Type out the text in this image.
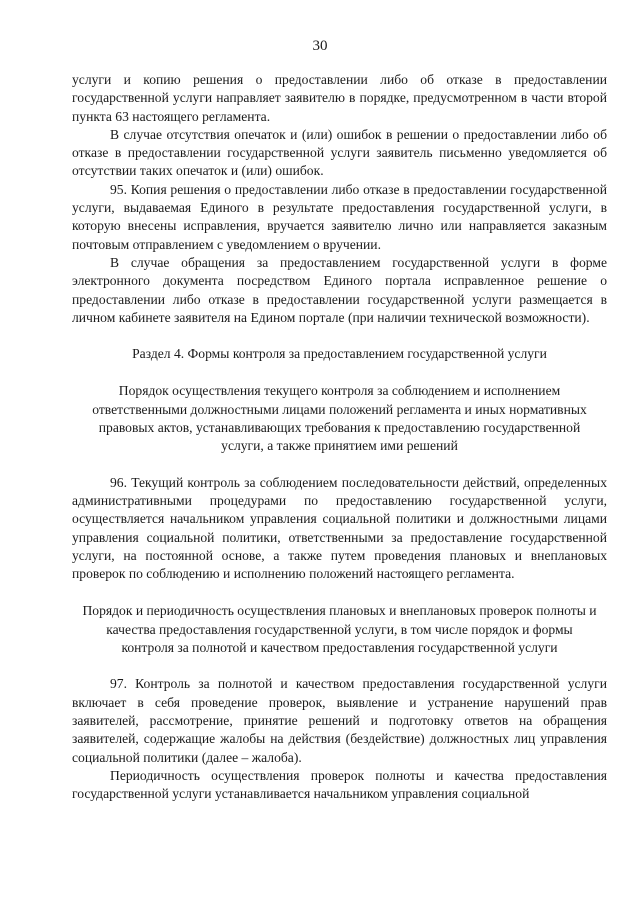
30

услуги и копию решения о предоставлении либо об отказе в предоставлении государственной услуги направляет заявителю в порядке, предусмотренном в части второй пункта 63 настоящего регламента.

В случае отсутствия опечаток и (или) ошибок в решении о предоставлении либо об отказе в предоставлении государственной услуги заявитель письменно уведомляется об отсутствии таких опечаток и (или) ошибок.

95. Копия решения о предоставлении либо отказе в предоставлении государственной услуги, выдаваемая Единого в результате предоставления государственной услуги, в которую внесены исправления, вручается заявителю лично или направляется заказным почтовым отправлением с уведомлением о вручении.

В случае обращения за предоставлением государственной услуги в форме электронного документа посредством Единого портала исправленное решение о предоставлении либо отказе в предоставлении государственной услуги размещается в личном кабинете заявителя на Едином портале (при наличии технической возможности).

Раздел 4. Формы контроля за предоставлением государственной услуги

Порядок осуществления текущего контроля за соблюдением и исполнением ответственными должностными лицами положений регламента и иных нормативных правовых актов, устанавливающих требования к предоставлению государственной услуги, а также принятием ими решений

96. Текущий контроль за соблюдением последовательности действий, определенных административными процедурами по предоставлению государственной услуги, осуществляется начальником управления социальной политики и должностными лицами управления социальной политики, ответственными за предоставление государственной услуги, на постоянной основе, а также путем проведения плановых и внеплановых проверок по соблюдению и исполнению положений настоящего регламента.

Порядок и периодичность осуществления плановых и внеплановых проверок полноты и качества предоставления государственной услуги, в том числе порядок и формы контроля за полнотой и качеством предоставления государственной услуги

97. Контроль за полнотой и качеством предоставления государственной услуги включает в себя проведение проверок, выявление и устранение нарушений прав заявителей, рассмотрение, принятие решений и подготовку ответов на обращения заявителей, содержащие жалобы на действия (бездействие) должностных лиц управления социальной политики (далее – жалоба).

Периодичность осуществления проверок полноты и качества предоставления государственной услуги устанавливается начальником управления социальной
